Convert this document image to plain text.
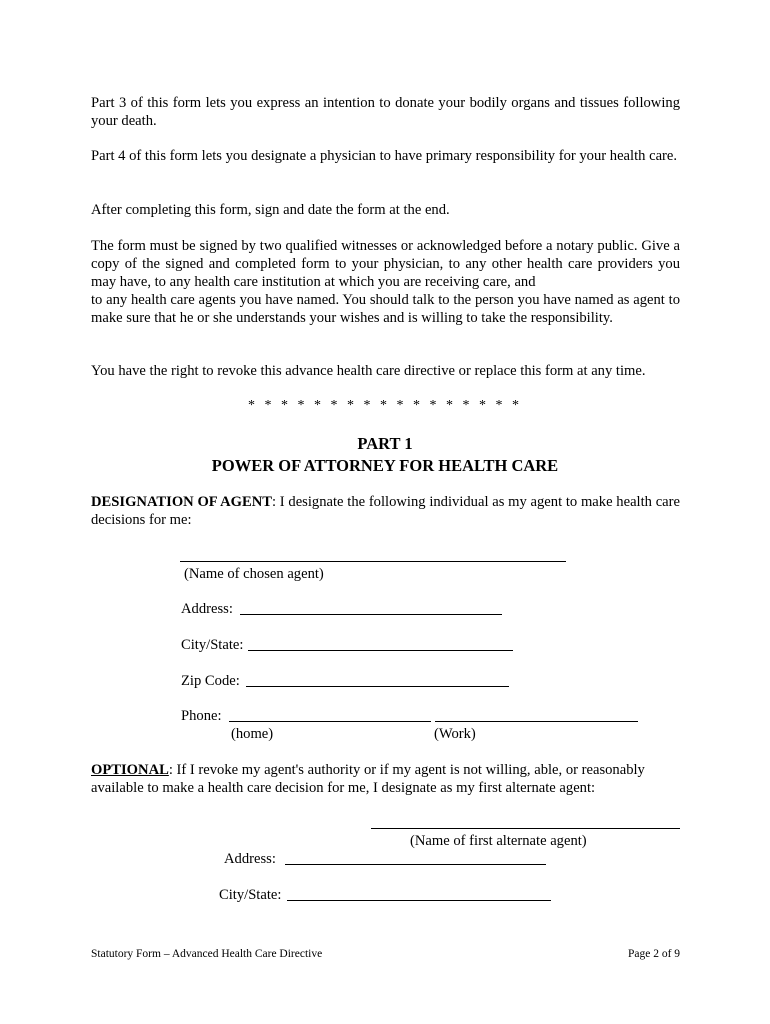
Part 3 of this form lets you express an intention to donate your bodily organs and tissues following your death.

Part 4 of this form lets you designate a physician to have primary responsibility for your health care.

After completing this form, sign and date the form at the end.

The form must be signed by two qualified witnesses or acknowledged before a notary public. Give a copy of the signed and completed form to your physician, to any other health care providers you may have, to any health care institution at which you are receiving care, and
to any health care agents you have named. You should talk to the person you have named as agent to make sure that he or she understands your wishes and is willing to take the responsibility.

You have the right to revoke this advance health care directive or replace this form at any time.

* * * * * * * * * * * * * * * * *
PART 1
POWER OF ATTORNEY FOR HEALTH CARE

DESIGNATION OF AGENT: I designate the following individual as my agent to make health care decisions for me:

(Name of chosen agent)
Address:
City/State:
Zip Code:
Phone:
(home)	(Work)

OPTIONAL: If I revoke my agent's authority or if my agent is not willing, able, or reasonably available to make a health care decision for me, I designate as my first alternate agent:

(Name of first alternate agent)
Address:
City/State:
Statutory Form – Advanced Health Care Directive	Page 2 of 9
